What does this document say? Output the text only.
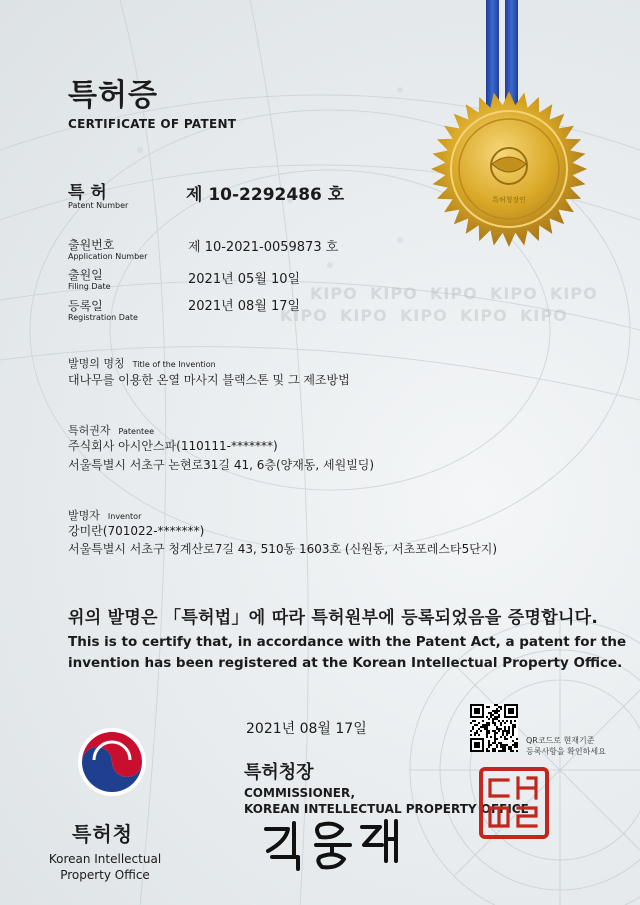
KIPO KIPO KIPO KIPO KIPO
KIPO KIPO KIPO KIPO KIPO
특허청장인
특허증
CERTIFICATE OF PATENT
특 허
Patent Number
제 10-2292486 호
출원번호
Application Number
제 10-2021-0059873 호
출원일
Filing Date	2021년 05월 10일
등록일
Registration Date
2021년 08월 17일
발명의 명칭 Title of the Invention
대나무를 이용한 온열 마사지 블랙스톤 및 그 제조방법
특허권자 Patentee
주식회사 아시안스파(110111-*******)
서울특별시 서초구 논현로31길 41, 6층(양재동, 세원빌딩)
발명자 Inventor
강미란(701022-*******)
서울특별시 서초구 청계산로7길 43, 510동 1603호 (신원동, 서초포레스타5단지)
위의 발명은 「특허법」에 따라 특허원부에 등록되었음을 증명합니다.
This is to certify that, in accordance with the Patent Act, a patent for the
invention has been registered at the Korean Intellectual Property Office.
2021년 08월 17일
특허청장
COMMISSIONER,
KOREAN INTELLECTUAL PROPERTY OFFICE
특허청
Korean Intellectual
Property Office
QR코드로 현재기준
등록사항을 확인하세요
